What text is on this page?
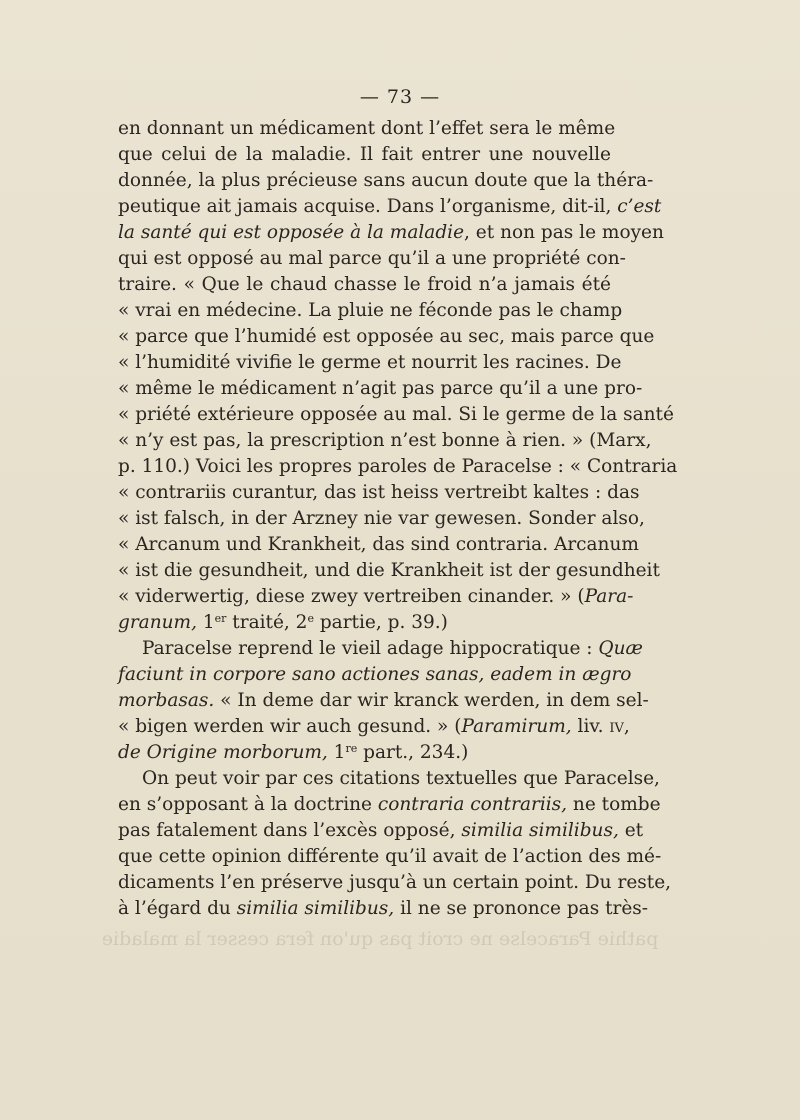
— 73 —
en donnant un médicament dont l’effet sera le même
que celui de la maladie. Il fait entrer une nouvelle
donnée, la plus précieuse sans aucun doute que la théra-
peutique ait jamais acquise. Dans l’organisme, dit-il, c’est
la santé qui est opposée à la maladie, et non pas le moyen
qui est opposé au mal parce qu’il a une propriété con-
traire. « Que le chaud chasse le froid n’a jamais été
« vrai en médecine. La pluie ne féconde pas le champ
« parce que l’humidé est opposée au sec, mais parce que
« l’humidité vivifie le germe et nourrit les racines. De
« même le médicament n’agit pas parce qu’il a une pro-
« priété extérieure opposée au mal. Si le germe de la santé
« n’y est pas, la prescription n’est bonne à rien. » (Marx,
p. 110.) Voici les propres paroles de Paracelse : « Contraria
« contrariis curantur, das ist heiss vertreibt kaltes : das
« ist falsch, in der Arzney nie var gewesen. Sonder also,
« Arcanum und Krankheit, das sind contraria. Arcanum
« ist die gesundheit, und die Krankheit ist der gesundheit
« viderwertig, diese zwey vertreiben cinander. » (Para-
granum, 1er traité, 2e partie, p. 39.)
Paracelse reprend le vieil adage hippocratique : Quæ
faciunt in corpore sano actiones sanas, eadem in ægro
morbasas. « In deme dar wir kranck werden, in dem sel-
« bigen werden wir auch gesund. » (Paramirum, liv. iv,
de Origine morborum, 1re part., 234.)
On peut voir par ces citations textuelles que Paracelse,
en s’opposant à la doctrine contraria contrariis, ne tombe
pas fatalement dans l’excès opposé, similia similibus, et
que cette opinion différente qu’il avait de l’action des mé-
dicaments l’en préserve jusqu’à un certain point. Du reste,
à l’égard du similia similibus, il ne se prononce pas très-
pathie Paracelse ne croit pas qu'on fera cesser la maladie
